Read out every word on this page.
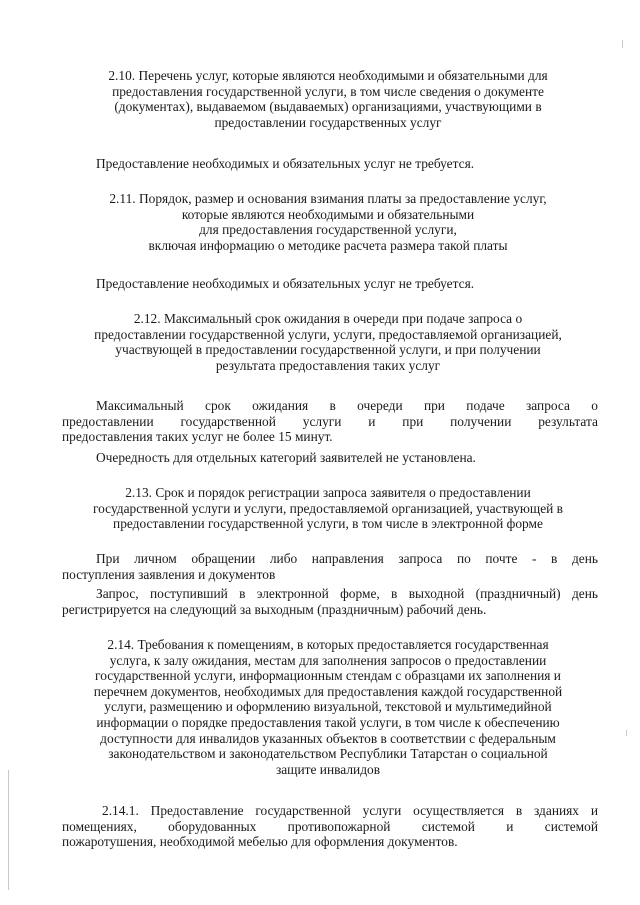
2.10. Перечень услуг, которые являются необходимыми и обязательными для
предоставления государственной услуги, в том числе сведения о документе
(документах), выдаваемом (выдаваемых) организациями, участвующими в
предоставлении государственных услуг
Предоставление необходимых и обязательных услуг не требуется.
2.11. Порядок, размер и основания взимания платы за предоставление услуг,
которые являются необходимыми и обязательными
для предоставления государственной услуги,
включая информацию о методике расчета размера такой платы
Предоставление необходимых и обязательных услуг не требуется.
2.12. Максимальный срок ожидания в очереди при подаче запроса о
предоставлении государственной услуги, услуги, предоставляемой организацией,
участвующей в предоставлении государственной услуги, и при получении
результата предоставления таких услуг
Максимальный срок ожидания в очереди при подаче запроса о
предоставлении государственной услуги и при получении результата
предоставления таких услуг не более 15 минут.
Очередность для отдельных категорий заявителей не установлена.
2.13. Срок и порядок регистрации запроса заявителя о предоставлении
государственной услуги и услуги, предоставляемой организацией, участвующей в
предоставлении государственной услуги, в том числе в электронной форме
При личном обращении либо направления запроса по почте - в день
поступления заявления и документов
Запрос, поступивший в электронной форме, в выходной (праздничный) день
регистрируется на следующий за выходным (праздничным) рабочий день.
2.14. Требования к помещениям, в которых предоставляется государственная
услуга, к залу ожидания, местам для заполнения запросов о предоставлении
государственной услуги, информационным стендам с образцами их заполнения и
перечнем документов, необходимых для предоставления каждой государственной
услуги, размещению и оформлению визуальной, текстовой и мультимедийной
информации о порядке предоставления такой услуги, в том числе к обеспечению
доступности для инвалидов указанных объектов в соответствии с федеральным
законодательством и законодательством Республики Татарстан о социальной
защите инвалидов
2.14.1. Предоставление государственной услуги осуществляется в зданиях и
помещениях, оборудованных противопожарной системой и системой
пожаротушения, необходимой мебелью для оформления документов.
